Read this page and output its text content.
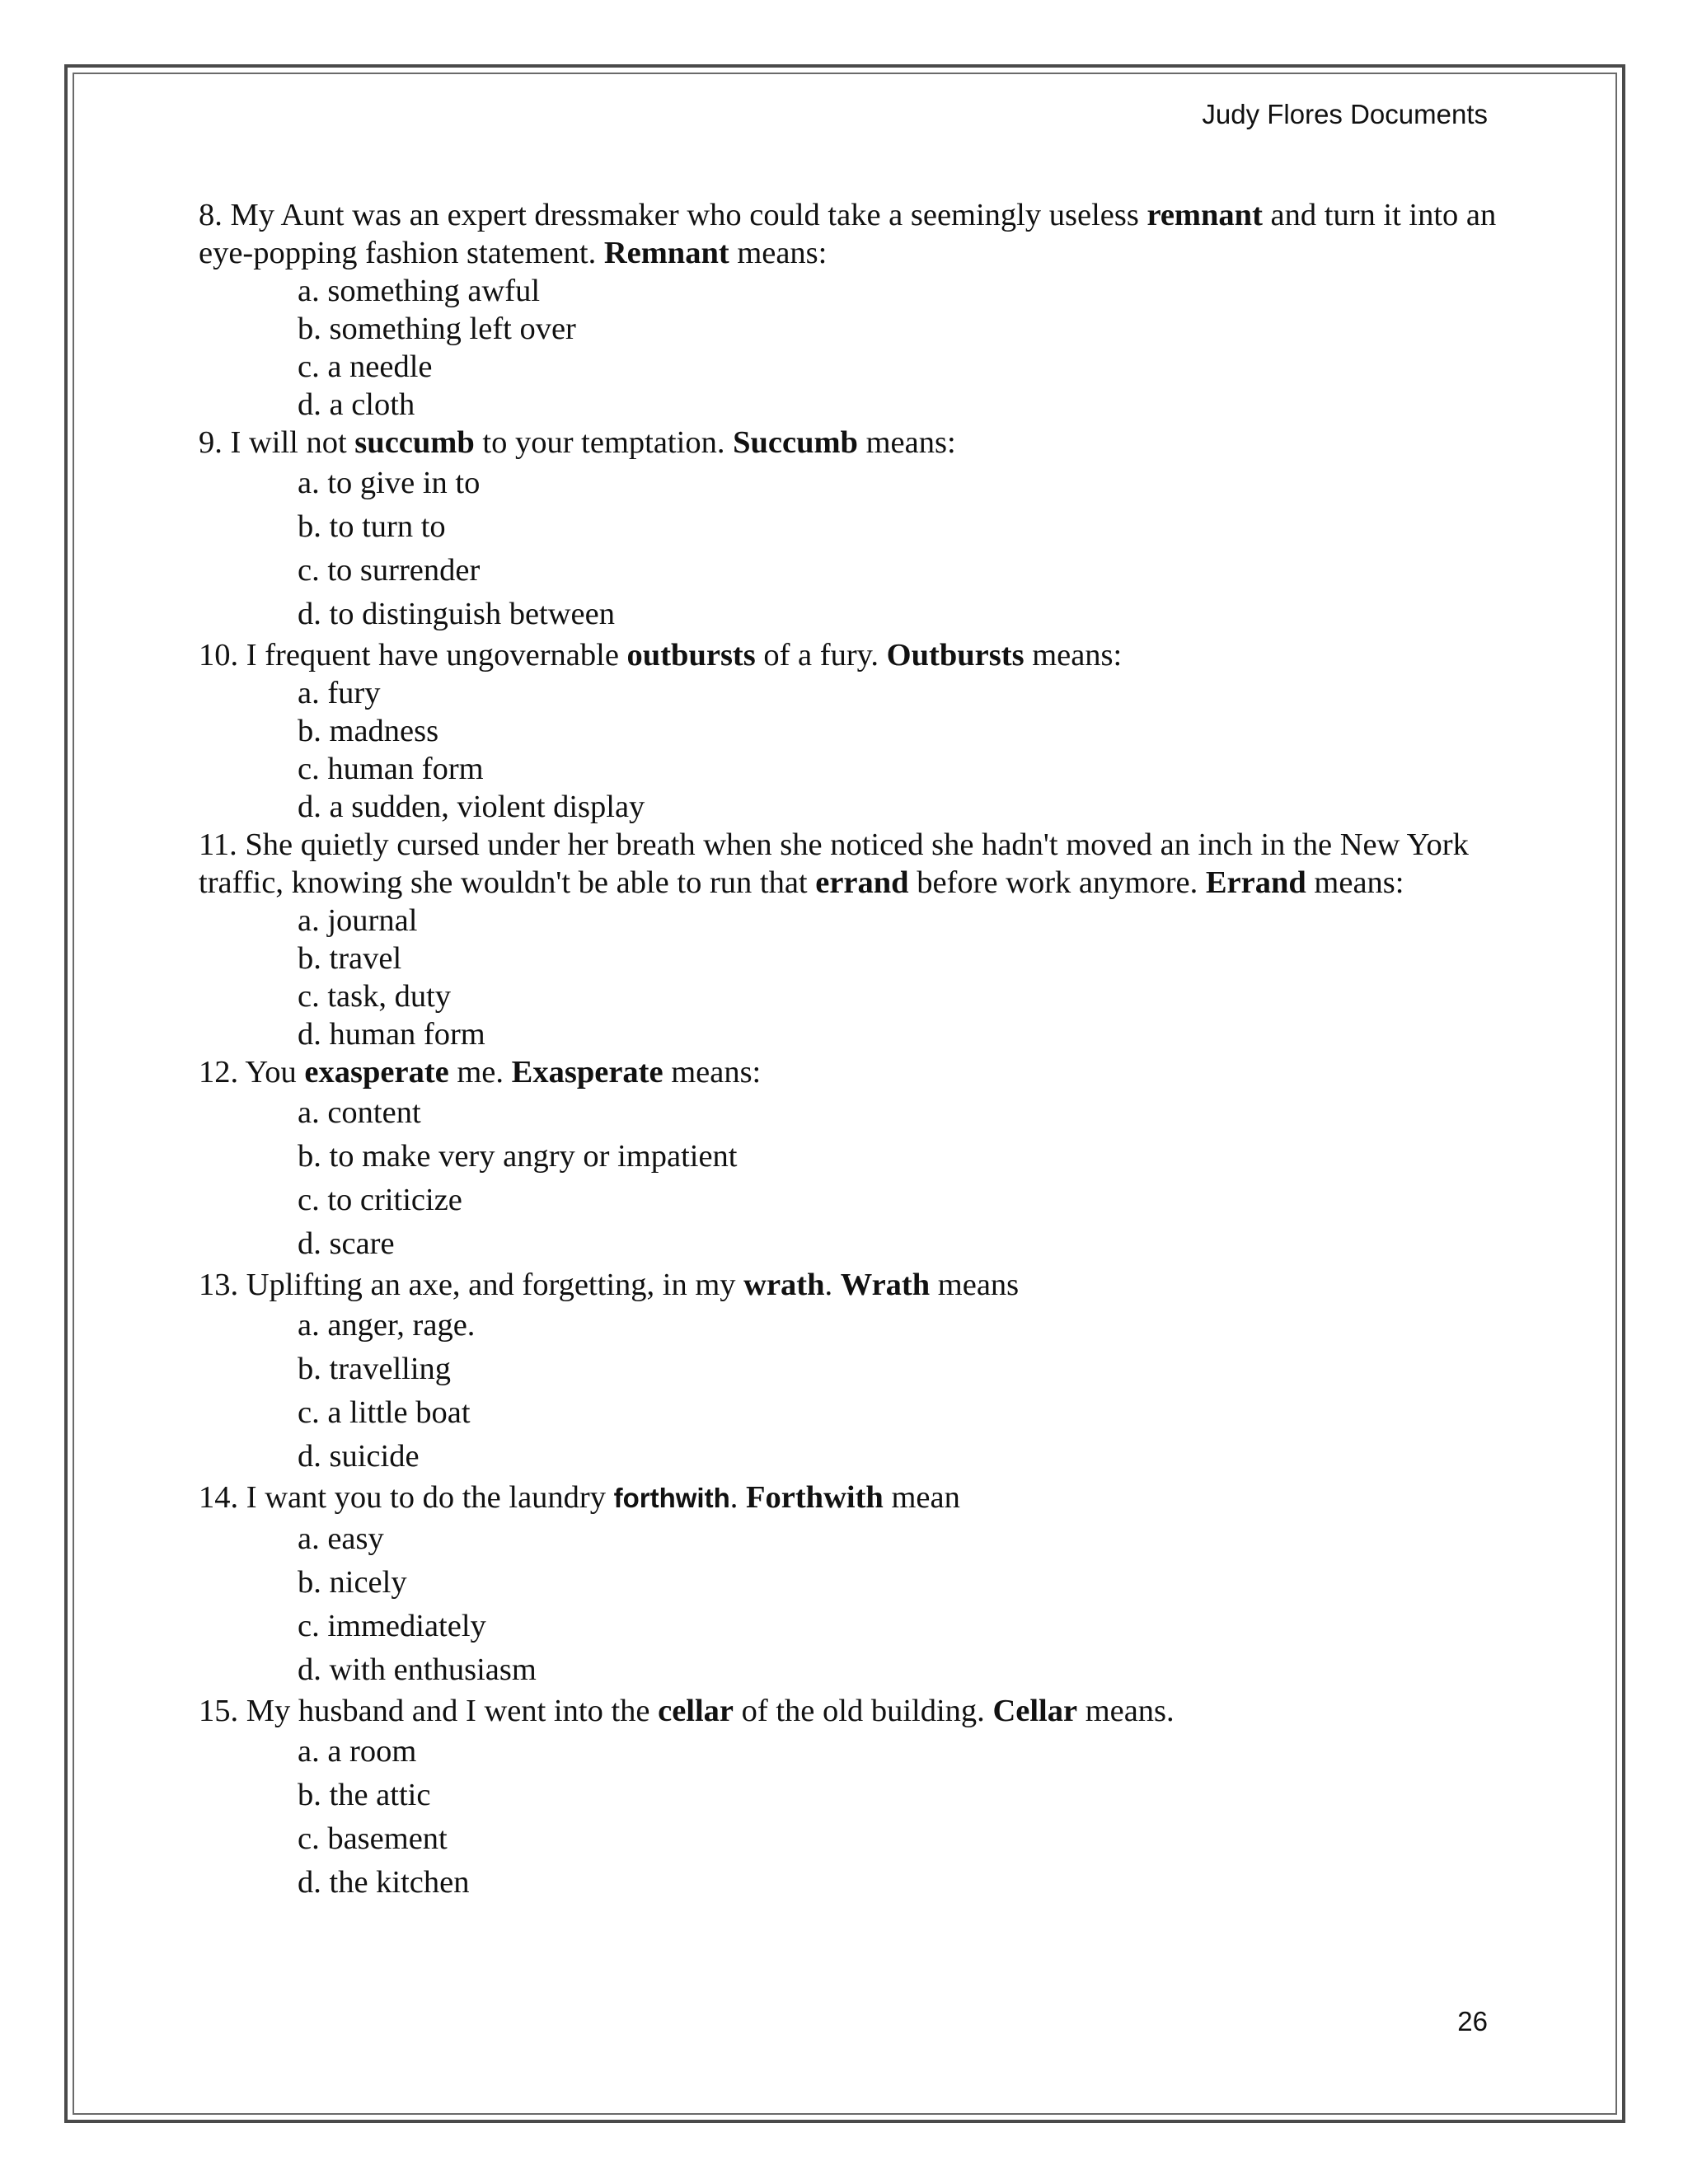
Judy Flores Documents
8. My Aunt was an expert dressmaker who could take a seemingly useless remnant and turn it into an eye-popping fashion statement. Remnant means:
a. something awful
b. something left over
c. a needle
d. a cloth
9. I will not succumb to your temptation. Succumb means:
a. to give in to
b. to turn to
c. to surrender
d. to distinguish between
10. I frequent have ungovernable outbursts of a fury. Outbursts means:
a. fury
b. madness
c. human form
d. a sudden, violent display
11. She quietly cursed under her breath when she noticed she hadn't moved an inch in the New York traffic, knowing she wouldn't be able to run that errand before work anymore. Errand means:
a. journal
b. travel
c. task, duty
d. human form
12. You exasperate me. Exasperate means:
a. content
b. to make very angry or impatient
c. to criticize
d. scare
13. Uplifting an axe, and forgetting, in my wrath. Wrath means
a. anger, rage.
b. travelling
c. a little boat
d. suicide
14. I want you to do the laundry forthwith. Forthwith mean
a. easy
b. nicely
c. immediately
d. with enthusiasm
15. My husband and I went into the cellar of the old building. Cellar means.
a. a room
b. the attic
c. basement
d. the kitchen
26
